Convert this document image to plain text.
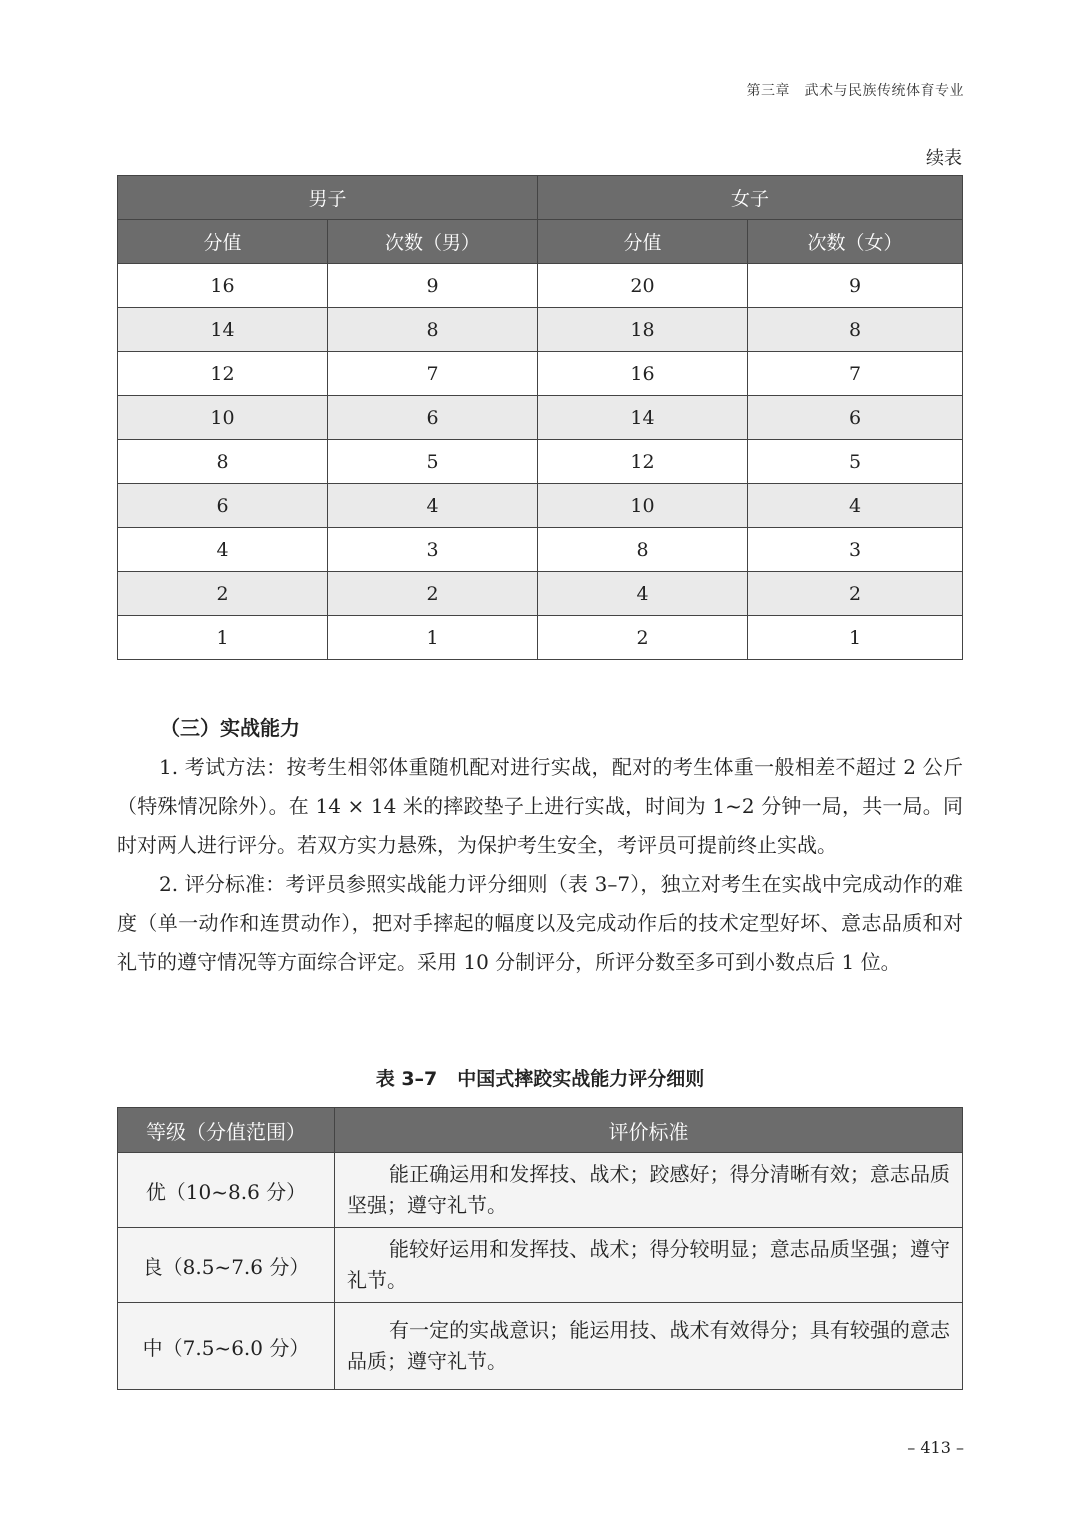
第三章　武术与民族传统体育专业
续表
男子		女子	
分值	次数（男）	分值	次数（女）
16	9	20	9
14	8	18	8
12	7	16	7
10	6	14	6
8	5	12	5
6	4	10	4
4	3	8	3
2	2	4	2
1	1	2	1
（三）实战能力
1. 考试方法：按考生相邻体重随机配对进行实战，配对的考生体重一般相差不超过 2 公斤（特殊情况除外）。在 14 × 14 米的摔跤垫子上进行实战，时间为 1~2 分钟一局，共一局。同时对两人进行评分。若双方实力悬殊，为保护考生安全，考评员可提前终止实战。
2. 评分标准：考评员参照实战能力评分细则（表 3–7），独立对考生在实战中完成动作的难度（单一动作和连贯动作），把对手摔起的幅度以及完成动作后的技术定型好坏、意志品质和对礼节的遵守情况等方面综合评定。采用 10 分制评分，所评分数至多可到小数点后 1 位。
表 3–7 中国式摔跤实战能力评分细则
等级（分值范围）	评价标准
优（10~8.6 分）	能正确运用和发挥技、战术；跤感好；得分清晰有效；意志品质坚强；遵守礼节。
良（8.5~7.6 分）	能较好运用和发挥技、战术；得分较明显；意志品质坚强；遵守礼节。
中（7.5~6.0 分）	有一定的实战意识；能运用技、战术有效得分；具有较强的意志品质；遵守礼节。
– 413 –
